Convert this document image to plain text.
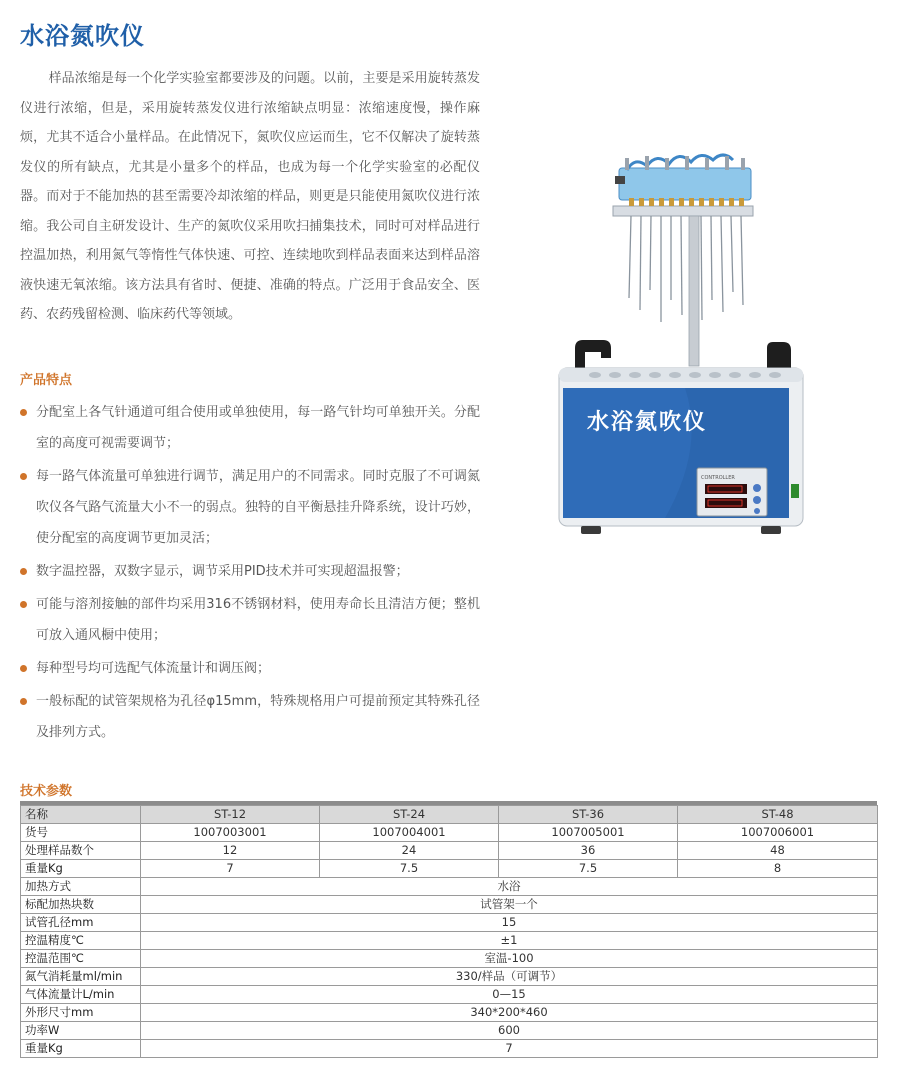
水浴氮吹仪

样品浓缩是每一个化学实验室都要涉及的问题。以前，主要是采用旋转蒸发仪进行浓缩，但是，采用旋转蒸发仪进行浓缩缺点明显：浓缩速度慢，操作麻烦，尤其不适合小量样品。在此情况下，氮吹仪应运而生，它不仅解决了旋转蒸发仪的所有缺点，尤其是小量多个的样品，也成为每一个化学实验室的必配仪器。而对于不能加热的甚至需要冷却浓缩的样品，则更是只能使用氮吹仪进行浓缩。我公司自主研发设计、生产的氮吹仪采用吹扫捕集技术，同时可对样品进行控温加热，利用氮气等惰性气体快速、可控、连续地吹到样品表面来达到样品溶液快速无氧浓缩。该方法具有省时、便捷、准确的特点。广泛用于食品安全、医药、农药残留检测、临床药代等领域。

产品特点
分配室上各气针通道可组合使用或单独使用，每一路气针均可单独开关。分配室的高度可视需要调节；
每一路气体流量可单独进行调节，满足用户的不同需求。同时克服了不可调氮吹仪各气路气流量大小不一的弱点。独特的自平衡悬挂升降系统，设计巧妙，使分配室的高度调节更加灵活；
数字温控器，双数字显示，调节采用PID技术并可实现超温报警；
可能与溶剂接触的部件均采用316不锈钢材料，使用寿命长且清洁方便；整机可放入通风橱中使用；
每种型号均可选配气体流量计和调压阀；
一般标配的试管架规格为孔径φ15mm，特殊规格用户可提前预定其特殊孔径及排列方式。
水浴氮吹仪
CONTROLLER
技术参数
名称	ST-12	ST-24	ST-36	ST-48
货号	1007003001	1007004001	1007005001	1007006001
处理样品数个	12	24	36	48
重量Kg	7	7.5	7.5	8
加热方式	水浴			
标配加热块数	试管架一个			
试管孔径mm	15			
控温精度℃	±1			
控温范围℃	室温-100			
氮气消耗量ml/min	330/样品（可调节）			
气体流量计L/min	0—15			
外形尺寸mm	340*200*460			
功率W	600			
重量Kg	7			
